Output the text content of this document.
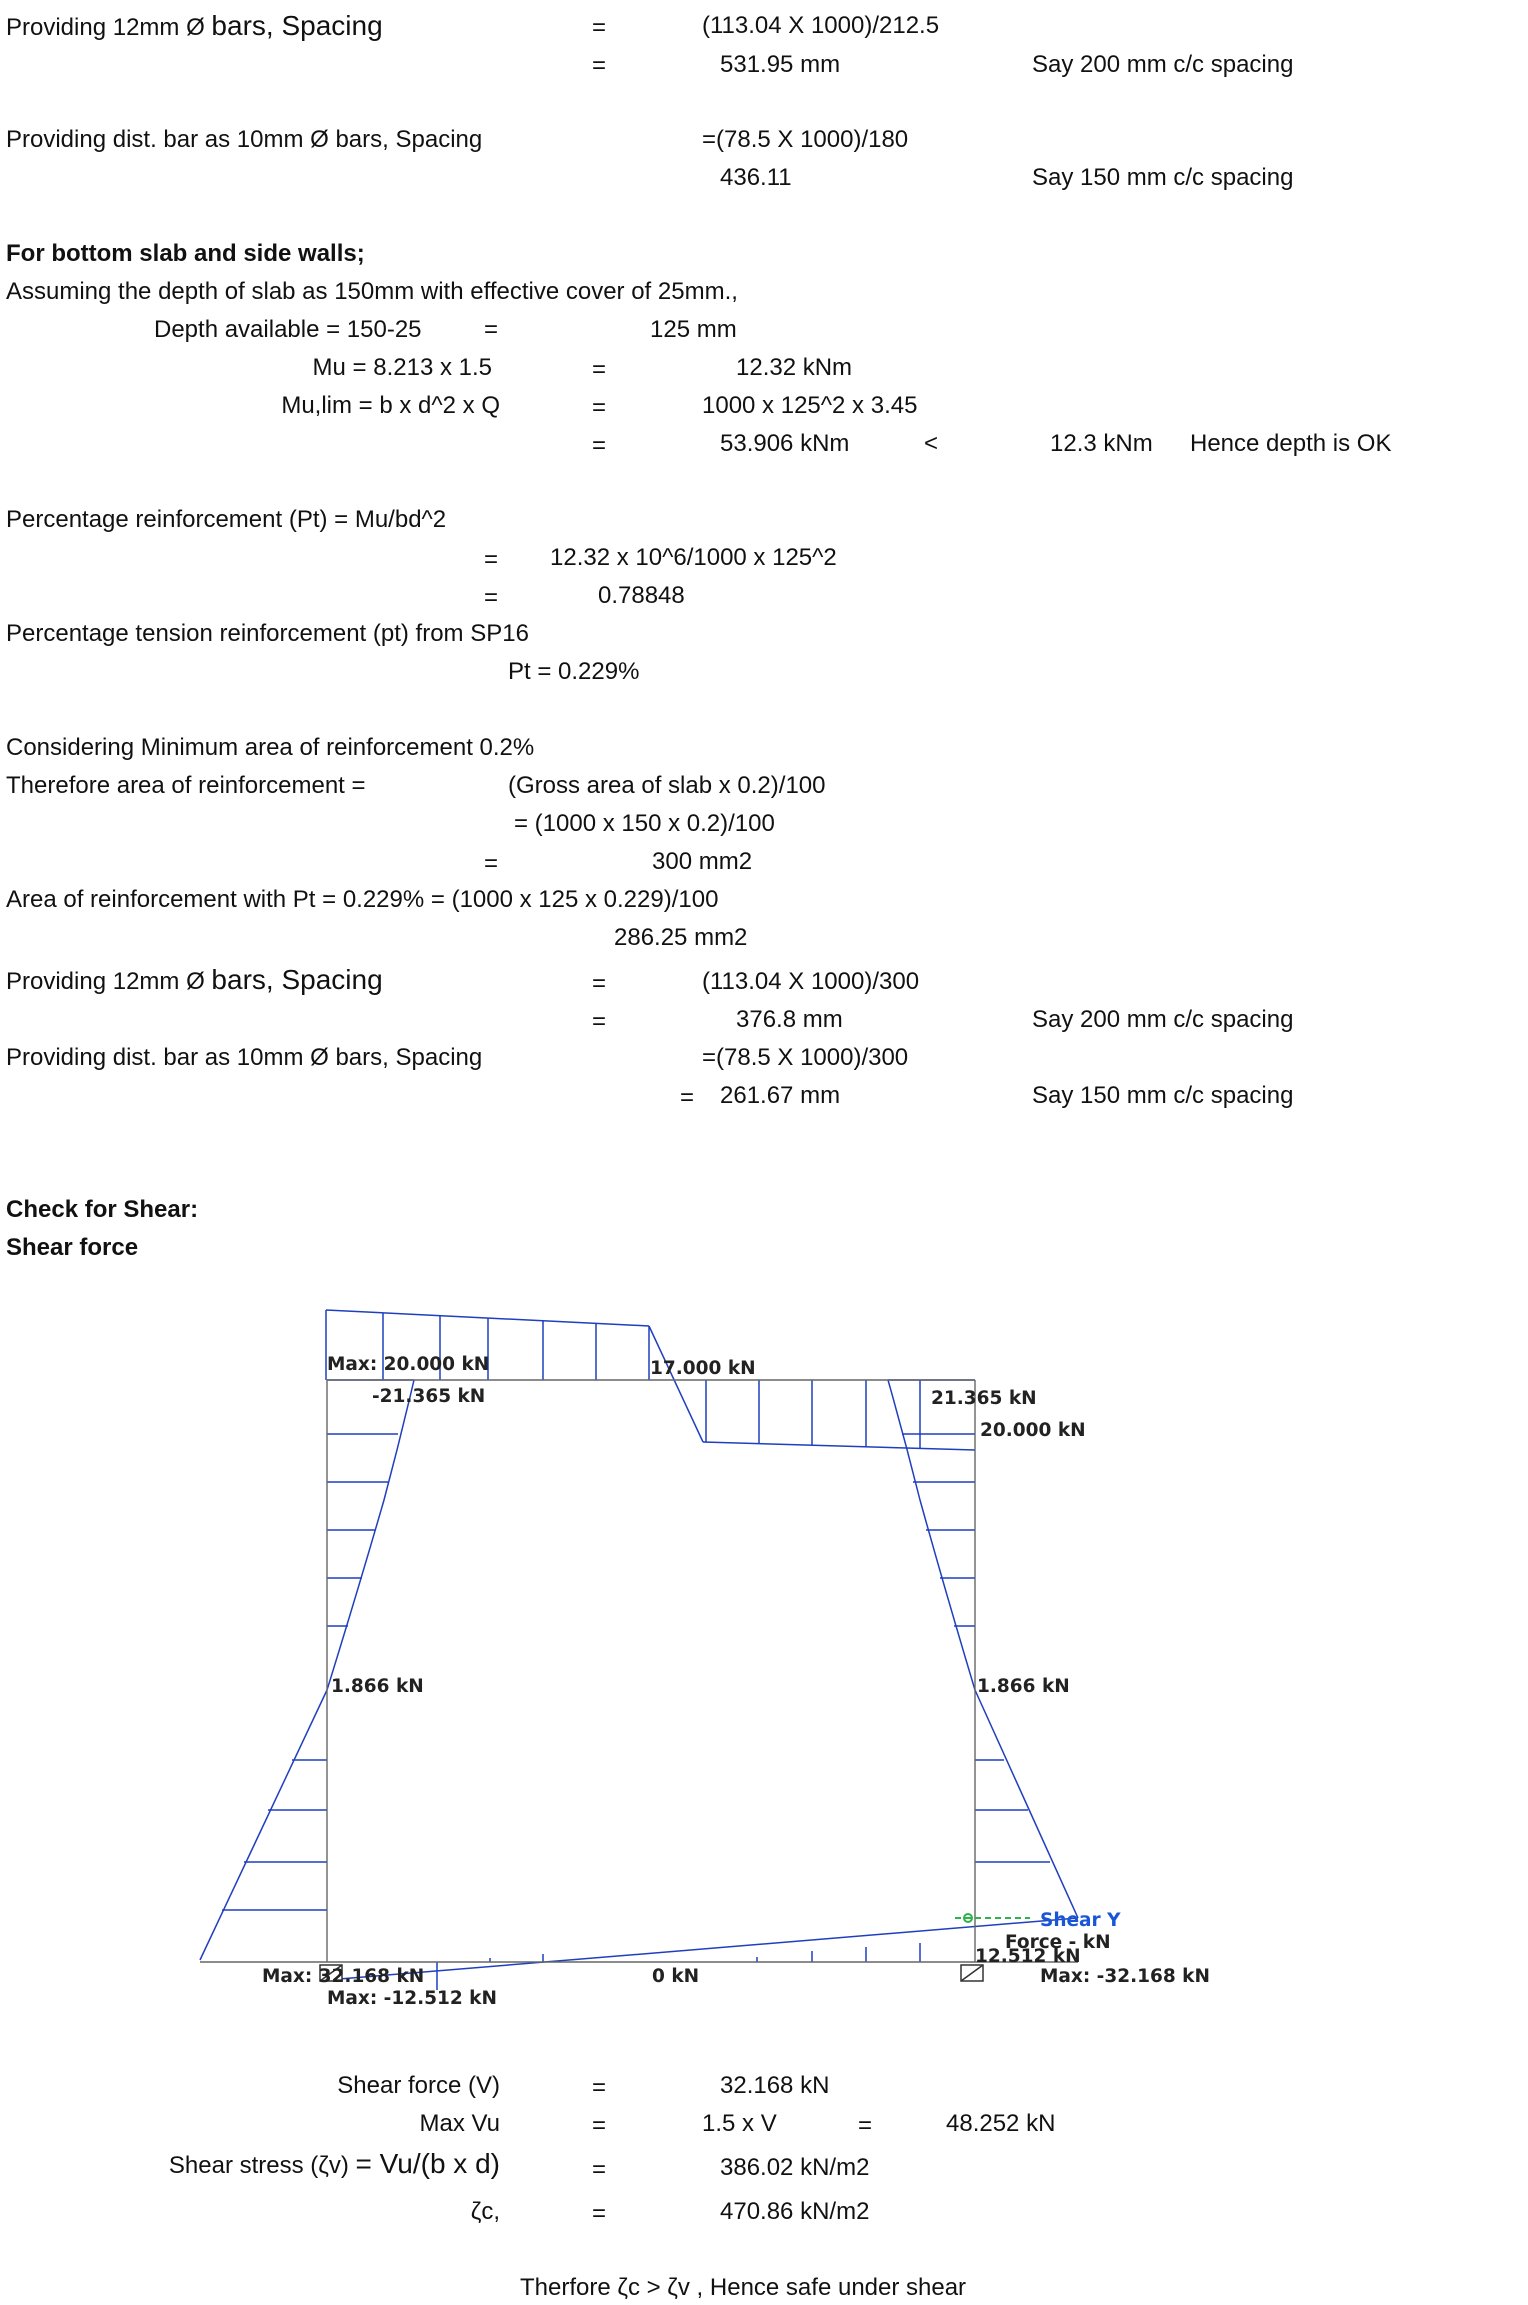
Providing 12mm Ø bars, Spacing	=	(113.04 X 1000)/212.5
=	531.95 mm	Say 200 mm c/c spacing
Providing dist. bar as 10mm Ø bars, Spacing	=(78.5 X 1000)/180
436.11	Say 150 mm c/c spacing
For bottom slab and side walls;
Assuming the depth of slab as 150mm with effective cover of 25mm.,
Depth available = 150-25	=	125 mm
Mu = 8.213 x 1.5	=	12.32 kNm
Mu,lim = b x d^2 x Q	=	1000 x 125^2 x 3.45
=	53.906 kNm	<	12.3 kNm Hence depth is OK
Percentage reinforcement (Pt) = Mu/bd^2
= 12.32 x 10^6/1000 x 125^2
=	0.78848
Percentage tension reinforcement (pt) from SP16
Pt = 0.229%
Considering Minimum area of reinforcement 0.2%
Therefore area of reinforcement =	(Gross area of slab x 0.2)/100
= (1000 x 150 x 0.2)/100
=	300 mm2
Area of reinforcement with Pt = 0.229% = (1000 x 125 x 0.229)/100
286.25 mm2
Providing 12mm Ø bars, Spacing	=	(113.04 X 1000)/300
=	376.8 mm	Say 200 mm c/c spacing
Providing dist. bar as 10mm Ø bars, Spacing	=(78.5 X 1000)/300
= 261.67 mm	Say 150 mm c/c spacing
Check for Shear:
Shear force
Max: 20.000 kN
-21.365 kN
17.000 kN
21.365 kN
20.000 kN
1.866 kN	1.866 kN
Max: 32.168 kN
Max: -12.512 kN
0 kN
12.512 kN
Max: -32.168 kN
Shear Y
Force - kN
Shear force (V)	=	32.168 kN
Max Vu	=	1.5 x V	=	48.252 kN
Shear stress (ζv) = Vu/(b x d)	=	386.02 kN/m2
ζc,	=	470.86 kN/m2
Therfore ζc > ζv , Hence safe under shear
